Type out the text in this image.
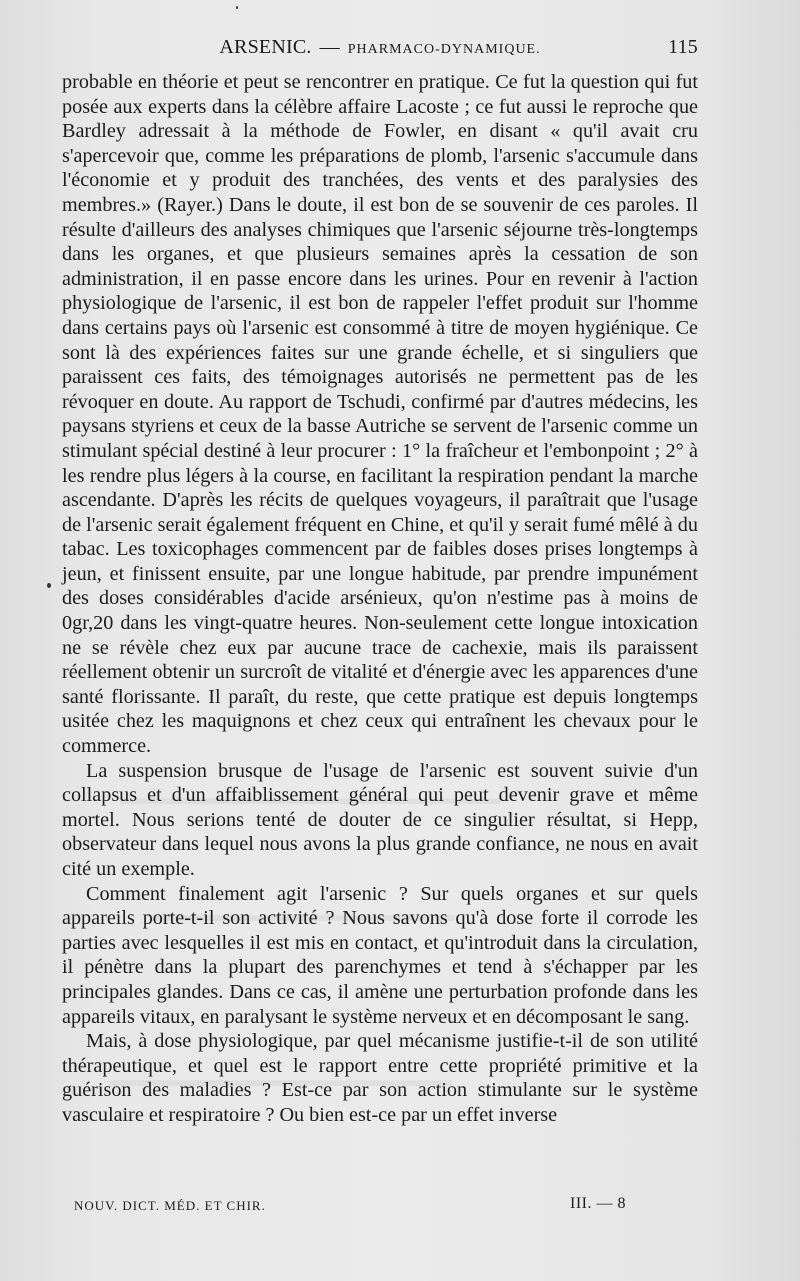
ARSENIC. — PHARMACO-DYNAMIQUE.	115

probable en théorie et peut se rencontrer en pratique. Ce fut la question qui fut posée aux experts dans la célèbre affaire Lacoste ; ce fut aussi le reproche que Bardley adressait à la méthode de Fowler, en disant « qu'il avait cru s'apercevoir que, comme les préparations de plomb, l'arsenic s'accumule dans l'économie et y produit des tranchées, des vents et des paralysies des membres.» (Rayer.) Dans le doute, il est bon de se souvenir de ces paroles. Il résulte d'ailleurs des analyses chimiques que l'arsenic séjourne très-longtemps dans les organes, et que plusieurs semaines après la cessation de son administration, il en passe encore dans les urines. Pour en revenir à l'action physiologique de l'arsenic, il est bon de rappeler l'effet produit sur l'homme dans certains pays où l'arsenic est consommé à titre de moyen hygiénique. Ce sont là des expériences faites sur une grande échelle, et si singuliers que paraissent ces faits, des témoignages autorisés ne permettent pas de les révoquer en doute. Au rapport de Tschudi, confirmé par d'autres médecins, les paysans styriens et ceux de la basse Autriche se servent de l'arsenic comme un stimulant spécial destiné à leur procurer : 1° la fraîcheur et l'embonpoint ; 2° à les rendre plus légers à la course, en facilitant la respiration pendant la marche ascendante. D'après les récits de quelques voyageurs, il paraîtrait que l'usage de l'arsenic serait également fréquent en Chine, et qu'il y serait fumé mêlé à du tabac. Les toxicophages commencent par de faibles doses prises longtemps à jeun, et finissent ensuite, par une longue habitude, par prendre impunément des doses considérables d'acide arsénieux, qu'on n'estime pas à moins de 0gr,20 dans les vingt-quatre heures. Non-seulement cette longue intoxication ne se révèle chez eux par aucune trace de cachexie, mais ils paraissent réellement obtenir un surcroît de vitalité et d'énergie avec les apparences d'une santé florissante. Il paraît, du reste, que cette pratique est depuis longtemps usitée chez les maquignons et chez ceux qui entraînent les chevaux pour le commerce.

La suspension brusque de l'usage de l'arsenic est souvent suivie d'un collapsus et d'un affaiblissement général qui peut devenir grave et même mortel. Nous serions tenté de douter de ce singulier résultat, si Hepp, observateur dans lequel nous avons la plus grande confiance, ne nous en avait cité un exemple.

Comment finalement agit l'arsenic ? Sur quels organes et sur quels appareils porte-t-il son activité ? Nous savons qu'à dose forte il corrode les parties avec lesquelles il est mis en contact, et qu'introduit dans la circulation, il pénètre dans la plupart des parenchymes et tend à s'échapper par les principales glandes. Dans ce cas, il amène une perturbation profonde dans les appareils vitaux, en paralysant le système nerveux et en décomposant le sang.

Mais, à dose physiologique, par quel mécanisme justifie-t-il de son utilité thérapeutique, et quel est le rapport entre cette propriété primitive et la guérison des maladies ? Est-ce par son action stimulante sur le système vasculaire et respiratoire ? Ou bien est-ce par un effet inverse

NOUV. DICT. MÉD. ET CHIR.	III. — 8
